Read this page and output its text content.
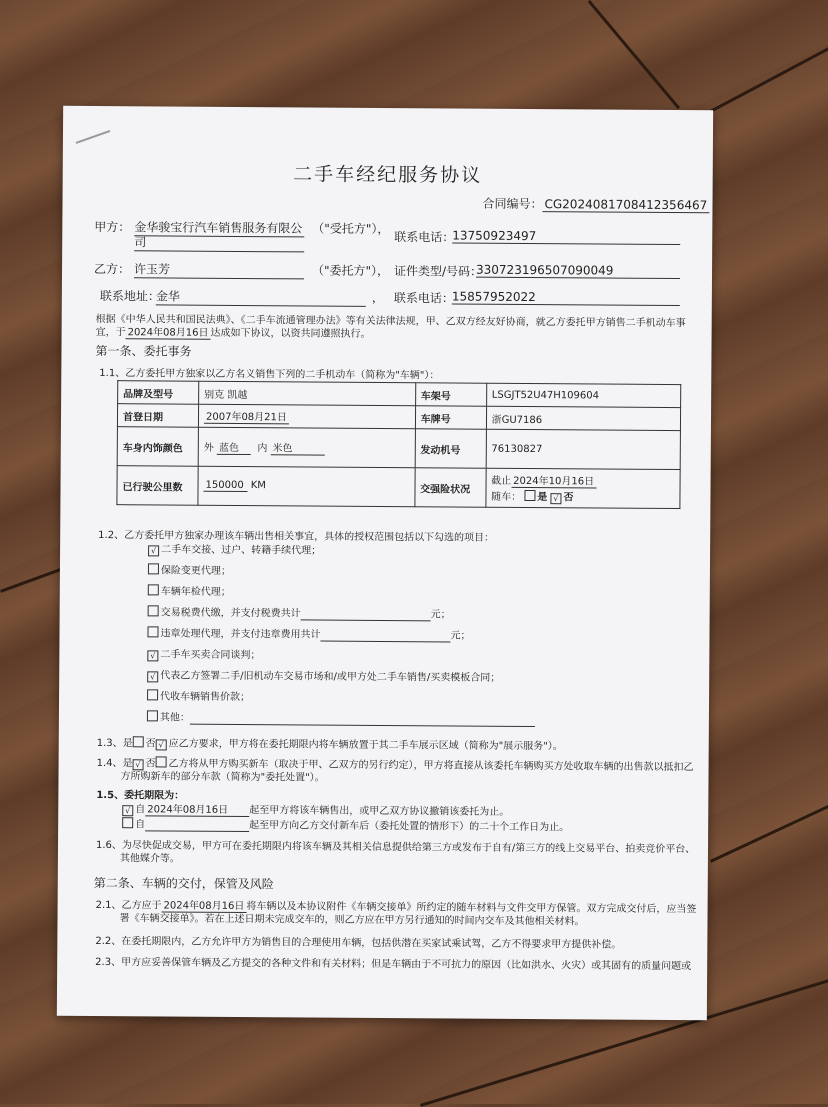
二手车经纪服务协议
合同编号： CG2024081708412356467
甲方： 金华骏宝行汽车销售服务有限公
司
（"受托方"），
联系电话：
13750923497
乙方： 许玉芳	（"委托方"）， 证件类型/号码：
330723196507090049
联系地址：
金华	， 联系电话：
15857952022
根据《中华人民共和国民法典》、《二手车流通管理办法》等有关法律法规，甲、乙双方经友好协商，就乙方委托甲方销售二手机动车事
宜，于 2024年08月16日 达成如下协议，以资共同遵照执行。
第一条、委托事务
1.1、乙方委托甲方独家以乙方名义销售下列的二手机动车（简称为"车辆"）：
品牌及型号	别克 凯越	车架号	LSGJT52U47H109604
首登日期	2007年08月21日	车牌号	浙GU7186
车身内饰颜色	外 蓝色 内 米色	发动机号	76130827
已行驶公里数	150000 KM	交强险状况	截止 2024年10月16日
随车： 是 √ 否
1.2、乙方委托甲方独家办理该车辆出售相关事宜，具体的授权范围包括以下勾选的项目：
√ 二手车交接、过户、转籍手续代理；
保险变更代理；
车辆年检代理；
交易税费代缴，并支付税费共计	元；
违章处理代理，并支付违章费用共计	元；
√ 二手车买卖合同谈判；
√ 代表乙方签署二手/旧机动车交易市场和/或甲方处二手车销售/买卖模板合同；
代收车辆销售价款；
其他：
1.3、是 否 √ 应乙方要求，甲方将在委托期限内将车辆放置于其二手车展示区域（简称为"展示服务"）。
1.4、是 √ 否 乙方将从甲方购买新车（取决于甲、乙双方的另行约定），甲方将直接从该委托车辆购买方处收取车辆的出售款以抵扣乙
方所购新车的部分车款（简称为"委托处置"）。
1.5、委托期限为：
√ 自 2024年08月16日 起至甲方将该车辆售出，或甲乙双方协议撤销该委托为止。
自	起至甲方向乙方交付新车后（委托处置的情形下）的二十个工作日为止。
1.6、为尽快促成交易，甲方可在委托期限内将该车辆及其相关信息提供给第三方或发布于自有/第三方的线上交易平台、拍卖竞价平台、
其他媒介等。
第二条、车辆的交付，保管及风险
2.1、乙方应于 2024年08月16日 将车辆以及本协议附件《车辆交接单》所约定的随车材料与文件交甲方保管。双方完成交付后，应当签
署《车辆交接单》。若在上述日期未完成交车的，则乙方应在甲方另行通知的时间内交车及其他相关材料。
2.2、在委托期限内，乙方允许甲方为销售目的合理使用车辆，包括供潜在买家试乘试驾，乙方不得要求甲方提供补偿。
2.3、甲方应妥善保管车辆及乙方提交的各种文件和有关材料；但是车辆由于不可抗力的原因（比如洪水、火灾）或其固有的质量问题或
